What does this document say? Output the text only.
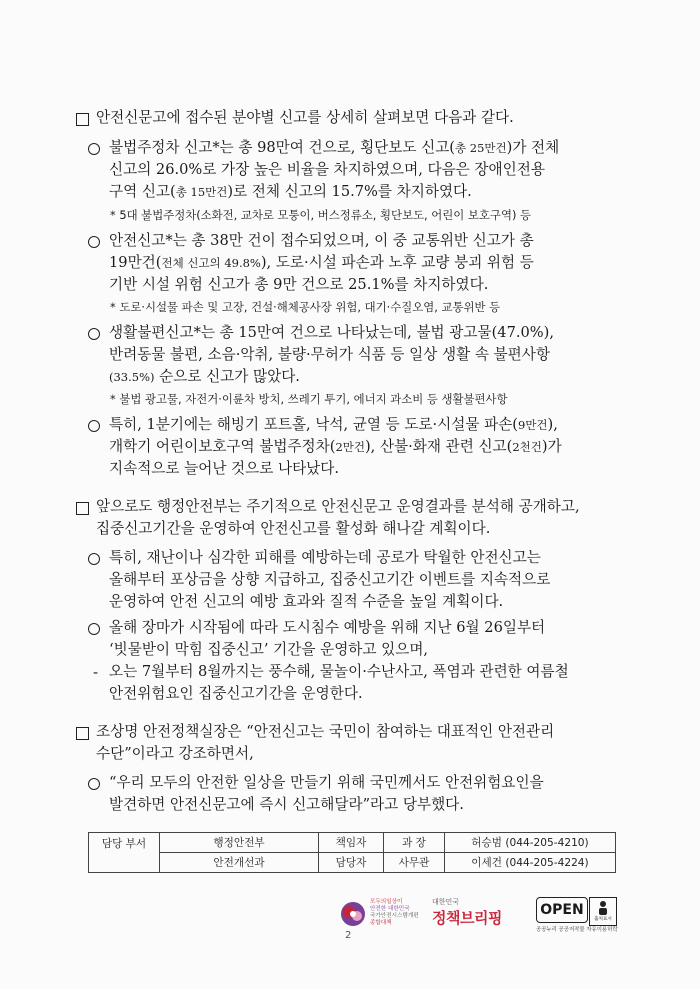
안전신문고에 접수된 분야별 신고를 상세히 살펴보면 다음과 같다.
불법주정차 신고*는 총 98만여 건으로, 횡단보도 신고(총 25만건)가 전체
신고의 26.0%로 가장 높은 비율을 차지하였으며, 다음은 장애인전용
구역 신고(총 15만건)로 전체 신고의 15.7%를 차지하였다.
* 5대 불법주정차(소화전, 교차로 모퉁이, 버스정류소, 횡단보도, 어린이 보호구역) 등
안전신고*는 총 38만 건이 접수되었으며, 이 중 교통위반 신고가 총
19만건(전체 신고의 49.8%), 도로·시설 파손과 노후 교량 붕괴 위험 등
기반 시설 위험 신고가 총 9만 건으로 25.1%를 차지하였다.
* 도로·시설물 파손 및 고장, 건설·해체공사장 위험, 대기·수질오염, 교통위반 등
생활불편신고*는 총 15만여 건으로 나타났는데, 불법 광고물(47.0%),
반려동물 불편, 소음·악취, 불량·무허가 식품 등 일상 생활 속 불편사항
(33.5%) 순으로 신고가 많았다.
* 불법 광고물, 자전거·이륜차 방치, 쓰레기 투기, 에너지 과소비 등 생활불편사항
특히, 1분기에는 해빙기 포트홀, 낙석, 균열 등 도로·시설물 파손(9만건),
개학기 어린이보호구역 불법주정차(2만건), 산불·화재 관련 신고(2천건)가
지속적으로 늘어난 것으로 나타났다.
앞으로도 행정안전부는 주기적으로 안전신문고 운영결과를 분석해 공개하고,
집중신고기간을 운영하여 안전신고를 활성화 해나갈 계획이다.
특히, 재난이나 심각한 피해를 예방하는데 공로가 탁월한 안전신고는
올해부터 포상금을 상향 지급하고, 집중신고기간 이벤트를 지속적으로
운영하여 안전 신고의 예방 효과와 질적 수준을 높일 계획이다.
올해 장마가 시작됨에 따라 도시침수 예방을 위해 지난 6월 26일부터
‘빗물받이 막힘 집중신고’ 기간을 운영하고 있으며,
- 오는 7월부터 8월까지는 풍수해, 물놀이·수난사고, 폭염과 관련한 여름철
안전위험요인 집중신고기간을 운영한다.
조상명 안전정책실장은 “안전신고는 국민이 참여하는 대표적인 안전관리
수단”이라고 강조하면서,
“우리 모두의 안전한 일상을 만들기 위해 국민께서도 안전위험요인을
발견하면 안전신문고에 즉시 신고해달라”라고 당부했다.
담당 부서	행정안전부	책임자	과 장	허승범 (044-205-4210)
	안전개선과	담당자	사무관	이세건 (044-205-4224)
모두의일상이
안전한 대한민국
국가안전시스템개편
종합대책
대한민국
정책브리핑	OPEN
출처표시
공공누리 공공저작물 자유이용허락
2
